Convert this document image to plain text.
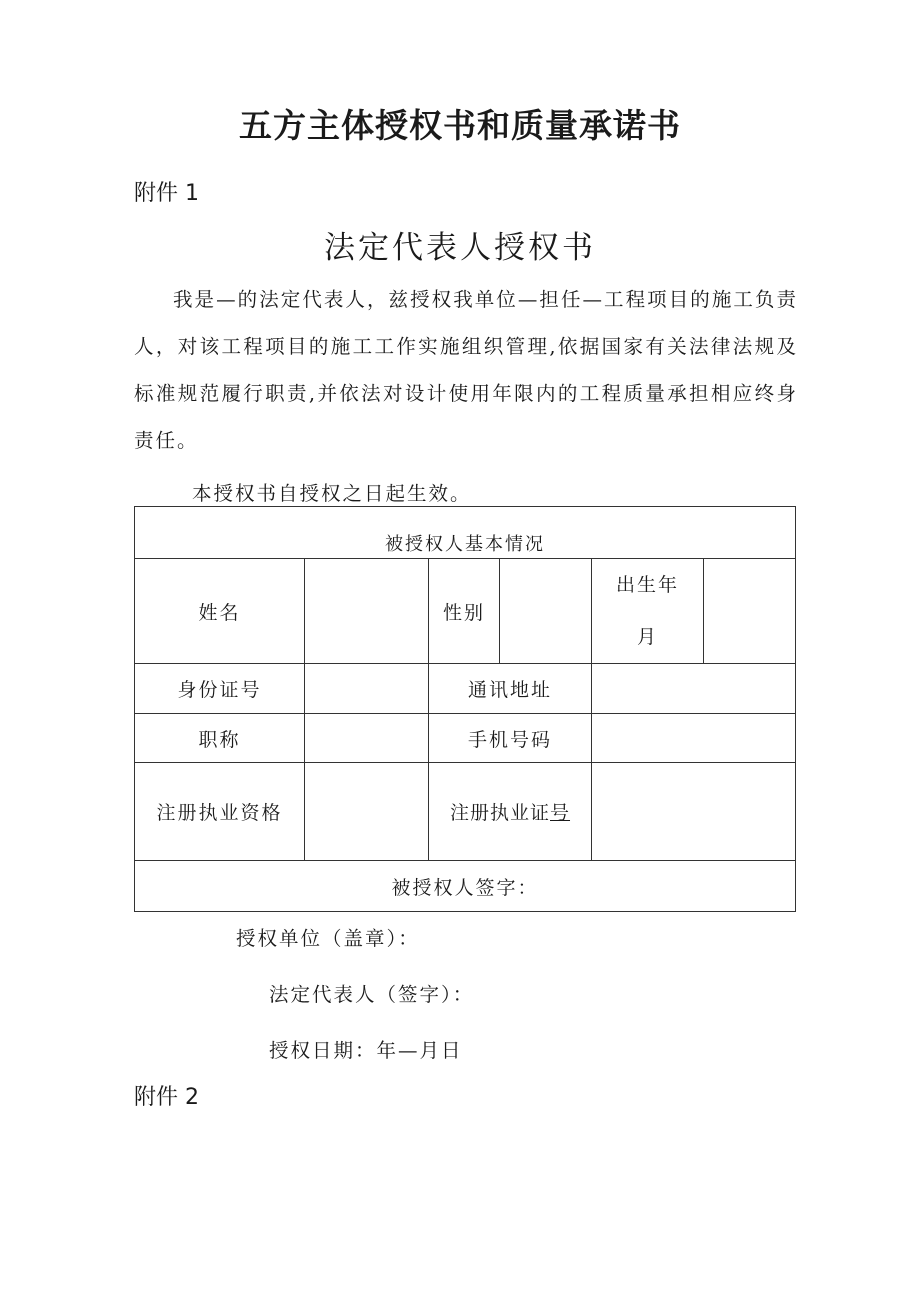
五方主体授权书和质量承诺书
附件 1
法定代表人授权书
我是—的法定代表人，兹授权我单位—担任—工程项目的施工负责人，对该工程项目的施工工作实施组织管理,依据国家有关法律法规及标准规范履行职责,并依法对设计使用年限内的工程质量承担相应终身责任。
本授权书自授权之日起生效。
被授权人基本情况					
姓名		性别		出生年
月	

身份证号		通讯地址			
职称		手机号码			
注册执业资格		注册执业证号			
被授权人签字：					
授权单位（盖章）：
法定代表人（签字）：
授权日期：年—月日
附件 2
